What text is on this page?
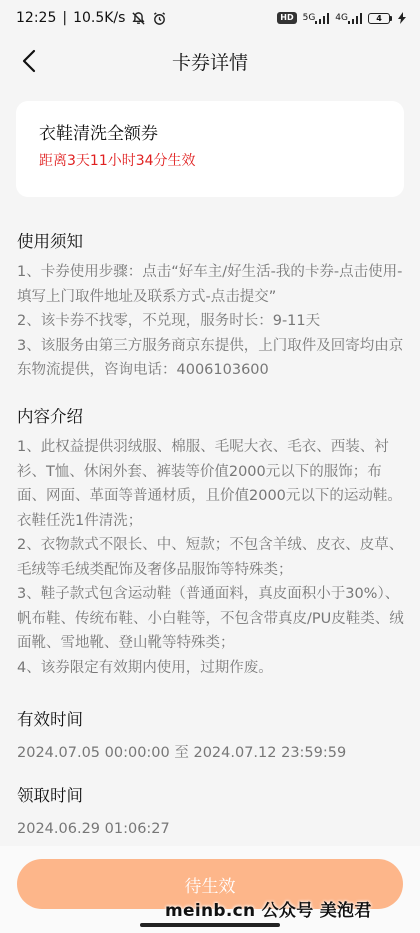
12:25 | 10.5K/s	HD	5G 4G	4
卡券详情
衣鞋清洗全额券
距离3天11小时34分生效
使用须知

1、卡券使用步骤：点击“好车主/好生活-我的卡券-点击使用-填写上门取件地址及联系方式-点击提交”

2、该卡券不找零，不兑现，服务时长：9-11天

3、该服务由第三方服务商京东提供，上门取件及回寄均由京东物流提供，咨询电话：4006103600

内容介绍

1、此权益提供羽绒服、棉服、毛呢大衣、毛衣、西装、衬衫、T恤、休闲外套、裤装等价值2000元以下的服饰；布面、网面、革面等普通材质，且价值2000元以下的运动鞋。衣鞋任洗1件清洗；

2、衣物款式不限长、中、短款；不包含羊绒、皮衣、皮草、毛绒等毛绒类配饰及奢侈品服饰等特殊类；

3、鞋子款式包含运动鞋（普通面料，真皮面积小于30%）、帆布鞋、传统布鞋、小白鞋等，不包含带真皮/PU皮鞋类、绒面靴、雪地靴、登山靴等特殊类；

4、该券限定有效期内使用，过期作废。

有效时间
2024.07.05 00:00:00 至 2024.07.12 23:59:59
领取时间
2024.06.29 01:06:27
待生效
meinb.cn 公众号 美泡君
